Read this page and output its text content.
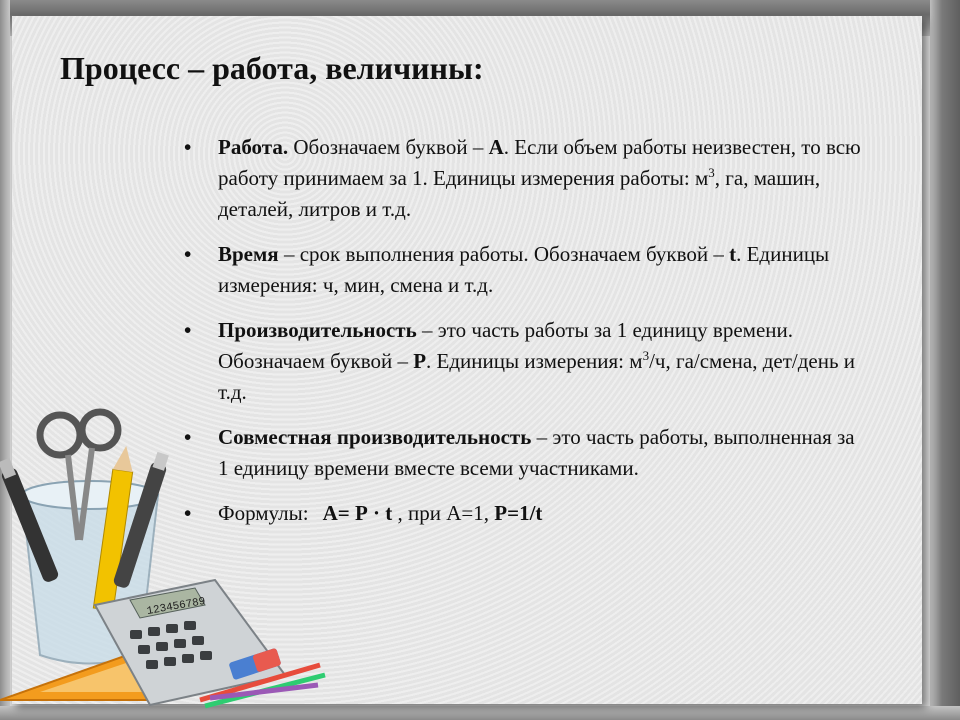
Процесс – работа, величины:
• Работа. Обозначаем буквой – А. Если объем работы неизвестен, то всю работу принимаем за 1. Единицы измерения работы: $м^3$, га, машин, деталей, литров и т.д.
• Время – срок выполнения работы. Обозначаем буквой – t. Единицы измерения: ч, мин, смена и т.д.
• Производительность – это часть работы за 1 единицу времени. Обозначаем буквой – Р. Единицы измерения: $м^3/ч$, га/смена, дет/день и т.д.
• Совместная производительность – это часть работы, выполненная за 1 единицу времени вместе всеми участниками.
• Формулы: А= Р · t , при А=1, Р=1/t
123456789
